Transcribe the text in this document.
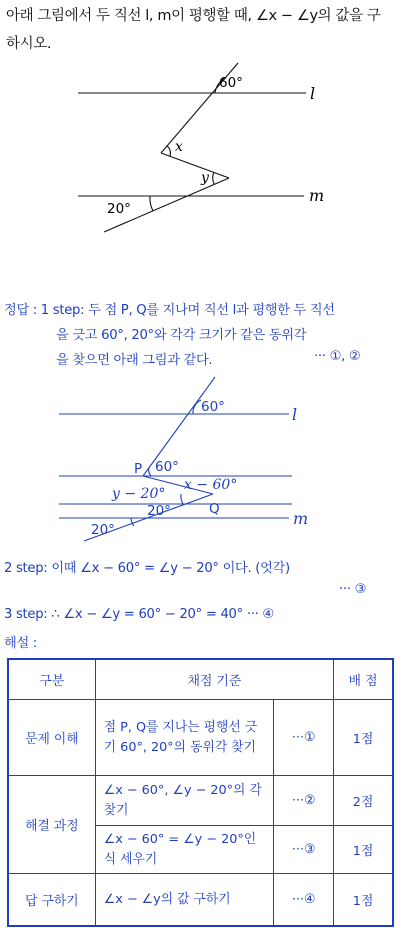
아래 그림에서 두 직선 l, m이 평행할 때, ∠x − ∠y의 값을 구
하시오.
l
m
60°
x
y
20°
정답 : 1 step: 두 점 P, Q를 지나며 직선 l과 평행한 두 직선
을 긋고 60°, 20°와 각각 크기가 같은 동위각
을 찾으면 아래 그림과 같다.	··· ①, ②
l
m
60°
P 60°
y − 20°
x − 60°
20°	Q
20°
2 step: 이때 ∠x − 60° = ∠y − 20° 이다. (엇각)
··· ③
3 step: ∴ ∠x − ∠y = 60° − 20° = 40° ··· ④
해설 :
구분	채점 기준		배 점
문제 이해	점 P, Q를 지나는 평행선 긋기 60°, 20°의 동위각 찾기	···①	1점
해결 과정	∠x − 60°, ∠y − 20°의 각 찾기	···②	2점
	∠x − 60° = ∠y − 20°인 식 세우기	···③	1점
답 구하기	∠x − ∠y의 값 구하기	···④	1점
